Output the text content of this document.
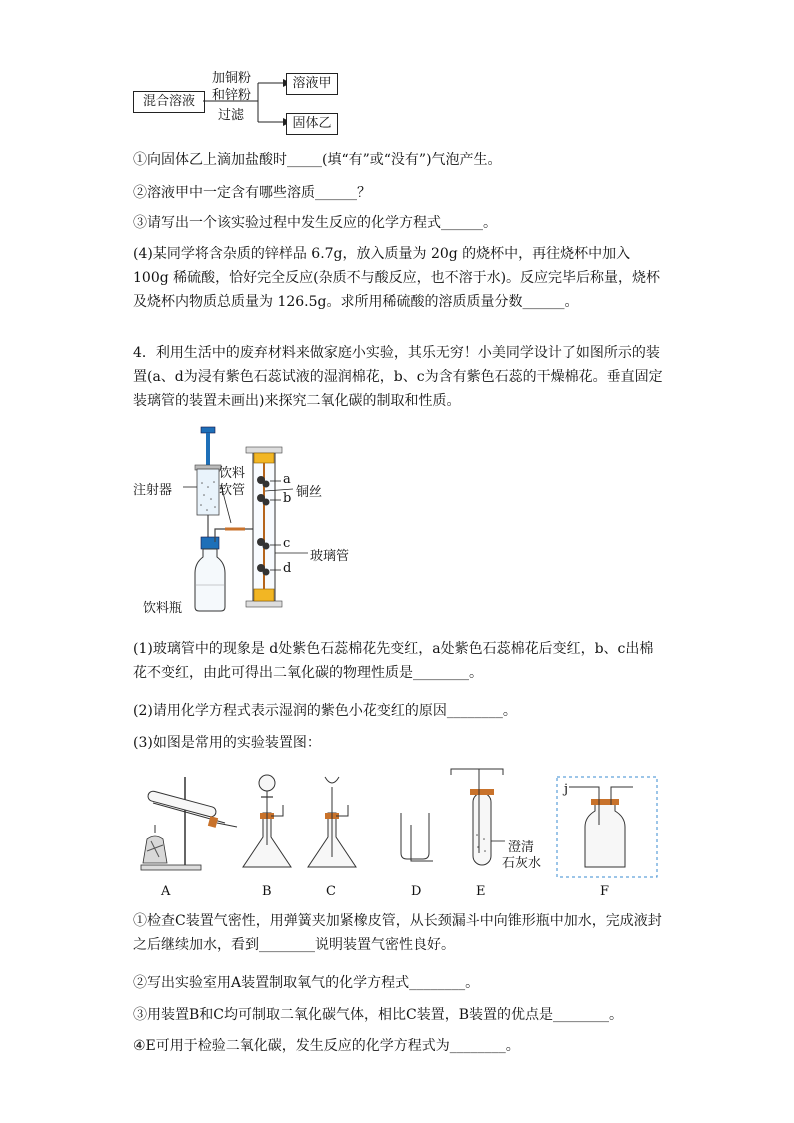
混合溶液
加铜粉
和锌粉
过滤
溶液甲
固体乙
①向固体乙上滴加盐酸时_____(填“有”或“没有”)气泡产生。
②溶液甲中一定含有哪些溶质______？
③请写出一个该实验过程中发生反应的化学方程式______。
(4)某同学将含杂质的锌样品 6.7g，放入质量为 20g 的烧杯中，再往烧杯中加入 100g 稀硫酸，恰好完全反应(杂质不与酸反应，也不溶于水)。反应完毕后称量，烧杯及烧杯内物质总质量为 126.5g。求所用稀硫酸的溶质质量分数______。
4．利用生活中的废弃材料来做家庭小实验，其乐无穷！小美同学设计了如图所示的装置(a、d为浸有紫色石蕊试液的湿润棉花，b、c为含有紫色石蕊的干燥棉花。垂直固定装璃管的装置未画出)来探究二氧化碳的制取和性质。
注射器
饮料
软管
饮料瓶
a
b
c
d
铜丝
玻璃管
(1)玻璃管中的现象是 d处紫色石蕊棉花先变红，a处紫色石蕊棉花后变红，b、c出棉花不变红，由此可得出二氧化碳的物理性质是________。
(2)请用化学方程式表示湿润的紫色小花变红的原因________。
(3)如图是常用的实验装置图：
A	B	C	D	E	F
澄清
石灰水
j
①检查C装置气密性，用弹簧夹加紧橡皮管，从长颈漏斗中向锥形瓶中加水，完成液封之后继续加水，看到________说明装置气密性良好。
②写出实验室用A装置制取氧气的化学方程式________。
③用装置B和C均可制取二氧化碳气体，相比C装置，B装置的优点是________。
④E可用于检验二氧化碳，发生反应的化学方程式为________。
